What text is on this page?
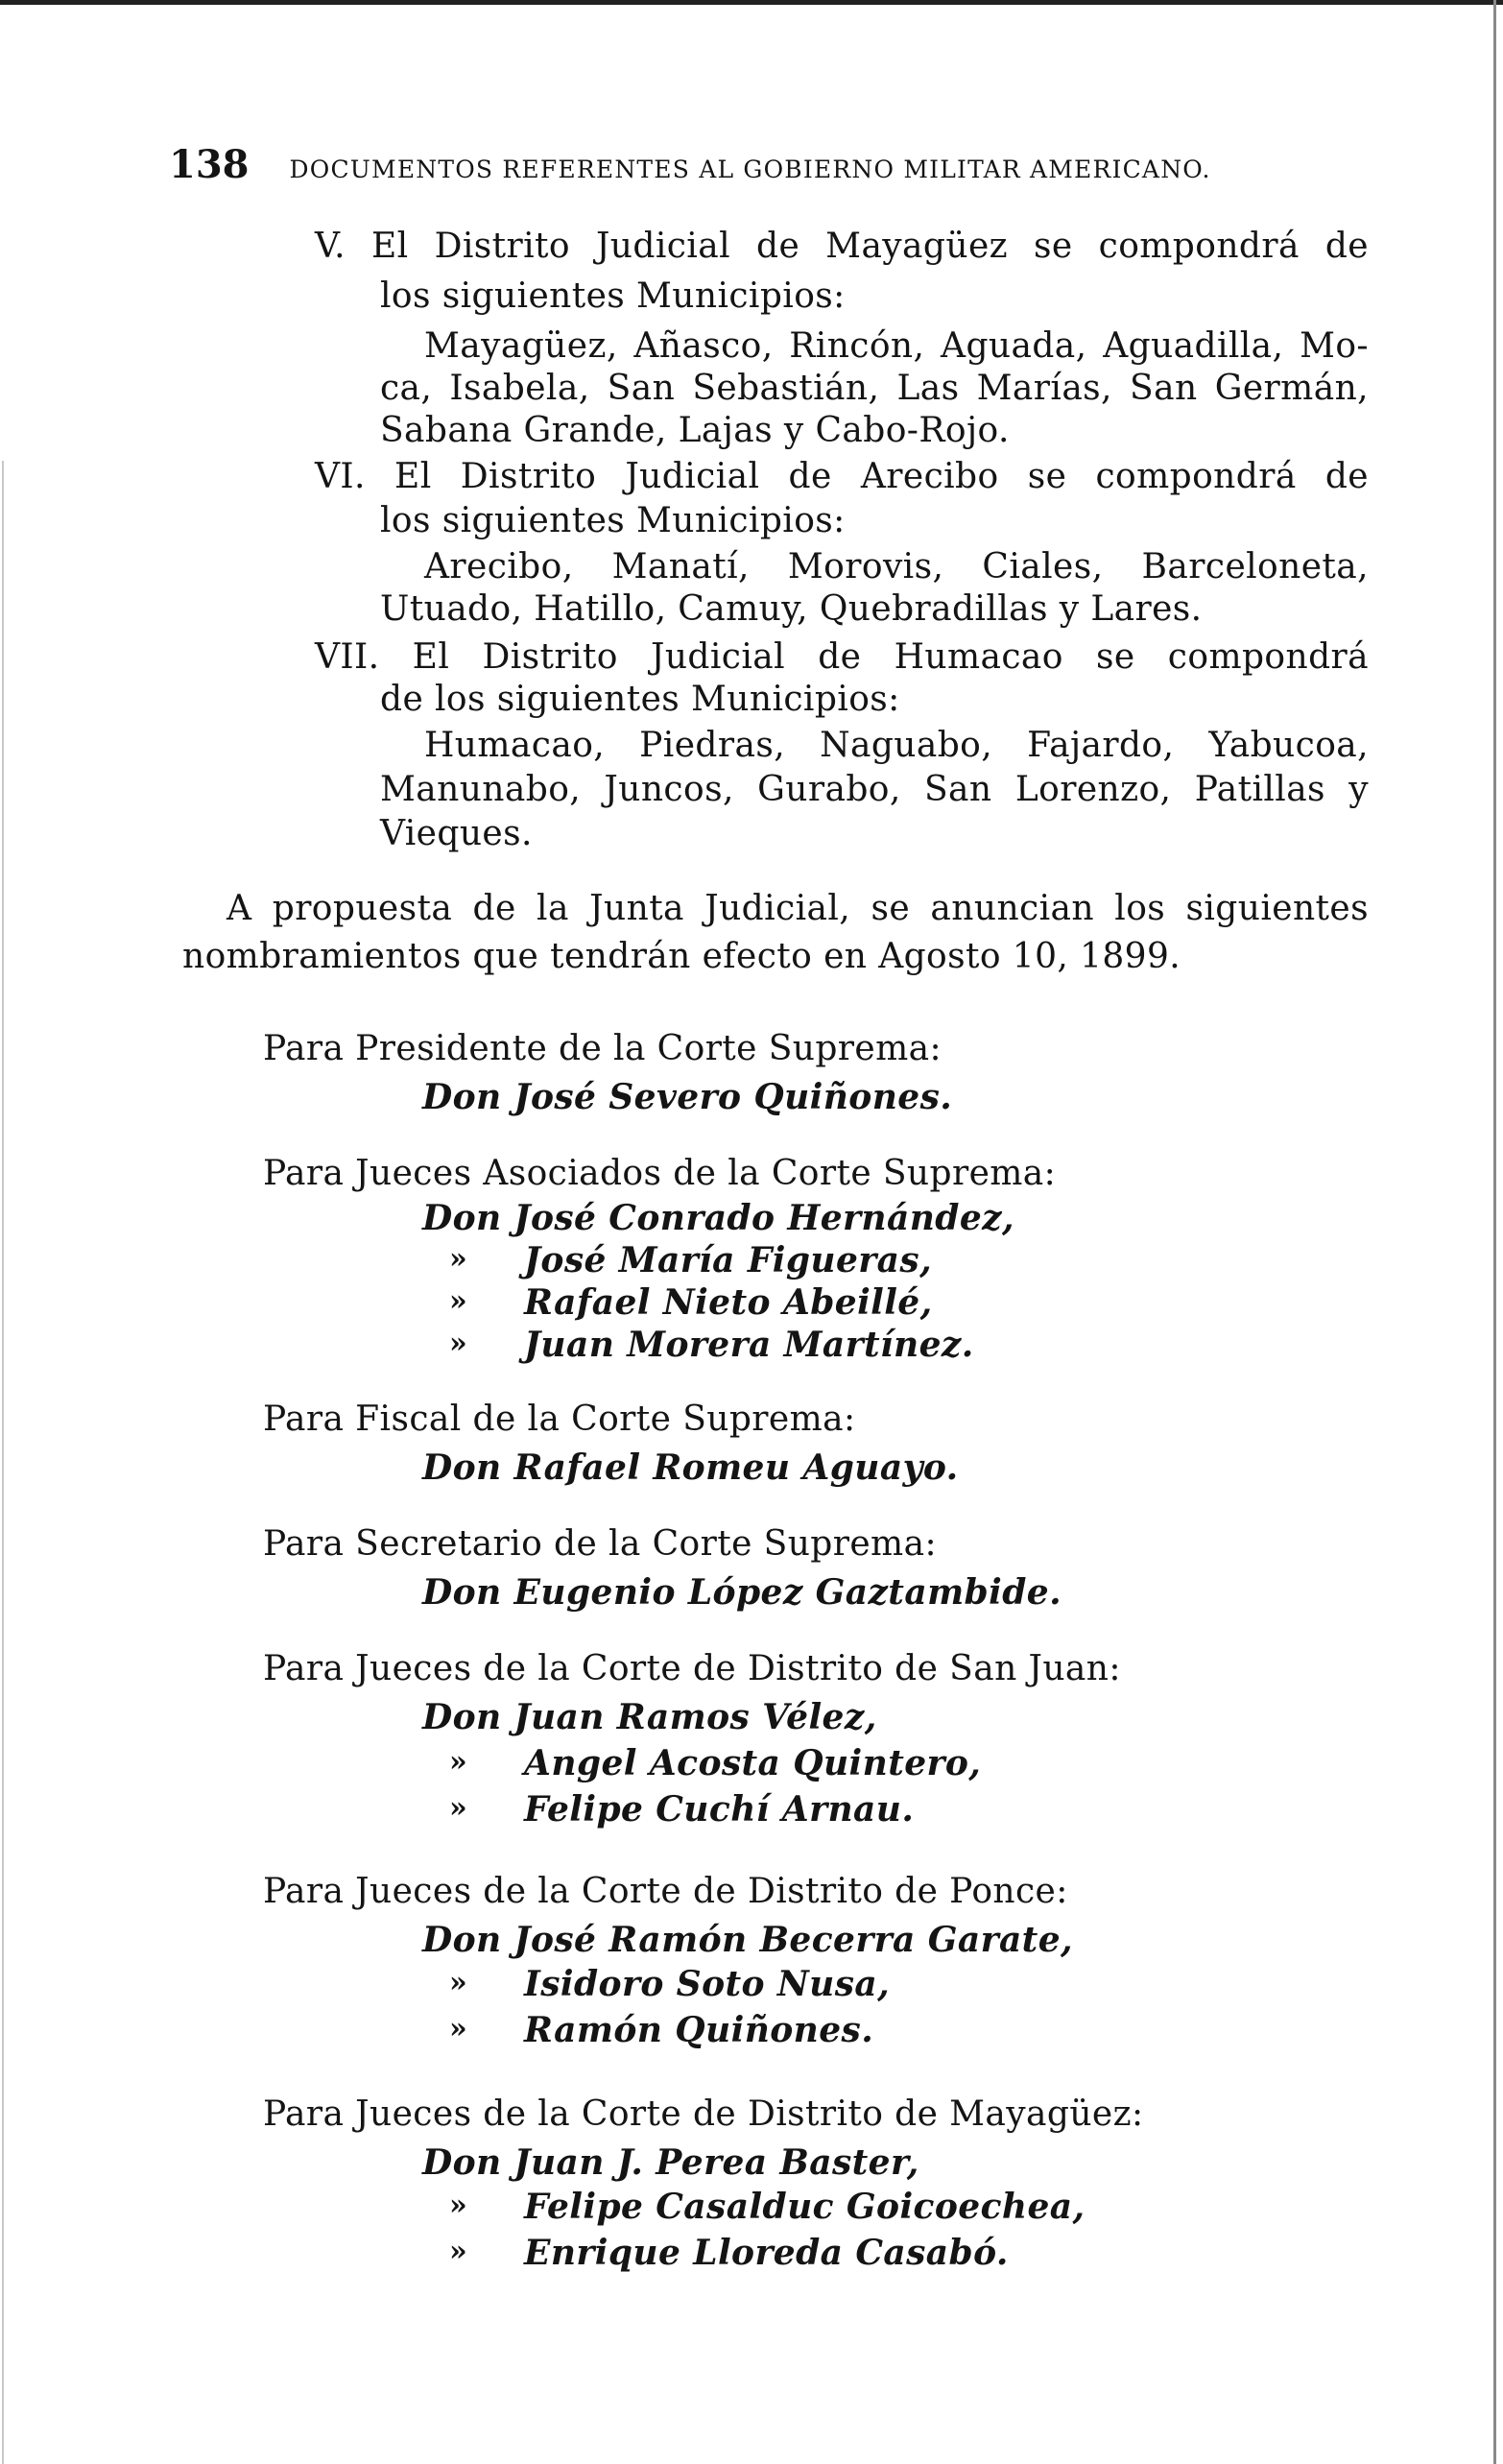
138 DOCUMENTOS REFERENTES AL GOBIERNO MILITAR AMERICANO.
V. El Distrito Judicial de Mayagüez se compondrá de
los siguientes Municipios:
Mayagüez, Añasco, Rincón, Aguada, Aguadilla, Mo-
ca, Isabela, San Sebastián, Las Marías, San Germán,
Sabana Grande, Lajas y Cabo-Rojo.
VI. El Distrito Judicial de Arecibo se compondrá de
los siguientes Municipios:
Arecibo, Manatí, Morovis, Ciales, Barceloneta,
Utuado, Hatillo, Camuy, Quebradillas y Lares.
VII. El Distrito Judicial de Humacao se compondrá
de los siguientes Municipios:
Humacao, Piedras, Naguabo, Fajardo, Yabucoa,
Manunabo, Juncos, Gurabo, San Lorenzo, Patillas y
Vieques.
A propuesta de la Junta Judicial, se anuncian los siguientes
nombramientos que tendrán efecto en Agosto 10, 1899.
Para Presidente de la Corte Suprema:
Don José Severo Quiñones.
Para Jueces Asociados de la Corte Suprema:
Don José Conrado Hernández,
» José María Figueras,
» Rafael Nieto Abeillé,
» Juan Morera Martínez.
Para Fiscal de la Corte Suprema:
Don Rafael Romeu Aguayo.
Para Secretario de la Corte Suprema:
Don Eugenio López Gaztambide.
Para Jueces de la Corte de Distrito de San Juan:
Don Juan Ramos Vélez,
» Angel Acosta Quintero,
» Felipe Cuchí Arnau.
Para Jueces de la Corte de Distrito de Ponce:
Don José Ramón Becerra Garate,
» Isidoro Soto Nusa,
» Ramón Quiñones.
Para Jueces de la Corte de Distrito de Mayagüez:
Don Juan J. Perea Baster,
» Felipe Casalduc Goicoechea,
» Enrique Lloreda Casabó.
